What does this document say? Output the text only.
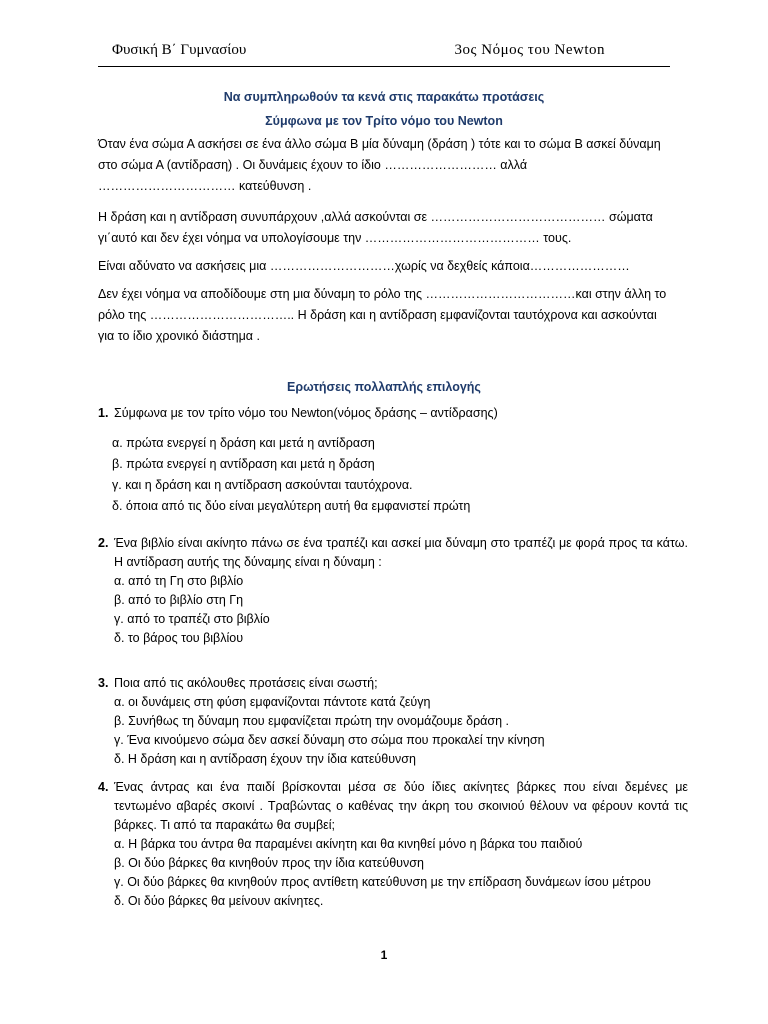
Φυσική Β΄ Γυμνασίου	3ος Νόμος του Newton
Να συμπληρωθούν τα κενά στις παρακάτω προτάσεις
Σύμφωνα με τον Τρίτο νόμο του Newton
Όταν ένα σώμα Α ασκήσει σε ένα άλλο σώμα Β μία δύναμη (δράση ) τότε και το σώμα Β ασκεί δύναμη στο σώμα Α (αντίδραση) . Οι δυνάμεις έχουν το ίδιο ……………………… αλλά …………………………… κατεύθυνση .
Η δράση και η αντίδραση συνυπάρχουν ,αλλά ασκούνται σε …………………………………… σώματα γι΄αυτό και δεν έχει νόημα να υπολογίσουμε την …………………………………… τους.
Είναι αδύνατο να ασκήσεις μια …………………………χωρίς να δεχθείς κάποια……………………
Δεν έχει νόημα να αποδίδουμε στη μια δύναμη το ρόλο της ………………………………και στην άλλη το ρόλο της …………………………….. Η δράση και η αντίδραση εμφανίζονται ταυτόχρονα και ασκούνται για το ίδιο χρονικό διάστημα .
Ερωτήσεις πολλαπλής επιλογής
1. Σύμφωνα με τον τρίτο νόμο του Newton(νόμος δράσης – αντίδρασης)
α. πρώτα ενεργεί η δράση και μετά η αντίδραση
β. πρώτα ενεργεί η αντίδραση και μετά η δράση
γ. και η δράση και η αντίδραση ασκούνται ταυτόχρονα.
δ. όποια από τις δύο είναι μεγαλύτερη αυτή θα εμφανιστεί πρώτη
2. Ένα βιβλίο είναι ακίνητο πάνω σε ένα τραπέζι και ασκεί μια δύναμη στο τραπέζι με φορά προς τα κάτω. Η αντίδραση αυτής της δύναμης είναι η δύναμη :
α. από τη Γη στο βιβλίο
β. από το βιβλίο στη Γη
γ. από το τραπέζι στο βιβλίο
δ. το βάρος του βιβλίου
3. Ποια από τις ακόλουθες προτάσεις είναι σωστή;
α. οι δυνάμεις στη φύση εμφανίζονται πάντοτε κατά ζεύγη
β. Συνήθως τη δύναμη που εμφανίζεται πρώτη την ονομάζουμε δράση .
γ. Ένα κινούμενο σώμα δεν ασκεί δύναμη στο σώμα που προκαλεί την κίνηση
δ. Η δράση και η αντίδραση έχουν την ίδια κατεύθυνση
4. Ένας άντρας και ένα παιδί βρίσκονται μέσα σε δύο ίδιες ακίνητες βάρκες που είναι δεμένες με τεντωμένο αβαρές σκοινί . Τραβώντας ο καθένας την άκρη του σκοινιού θέλουν να φέρουν κοντά τις βάρκες. Τι από τα παρακάτω θα συμβεί;
α. Η βάρκα του άντρα θα παραμένει ακίνητη και θα κινηθεί μόνο η βάρκα του παιδιού
β. Οι δύο βάρκες θα κινηθούν προς την ίδια κατεύθυνση
γ. Οι δύο βάρκες θα κινηθούν προς αντίθετη κατεύθυνση με την επίδραση δυνάμεων ίσου μέτρου
δ. Οι δύο βάρκες θα μείνουν ακίνητες.
1
